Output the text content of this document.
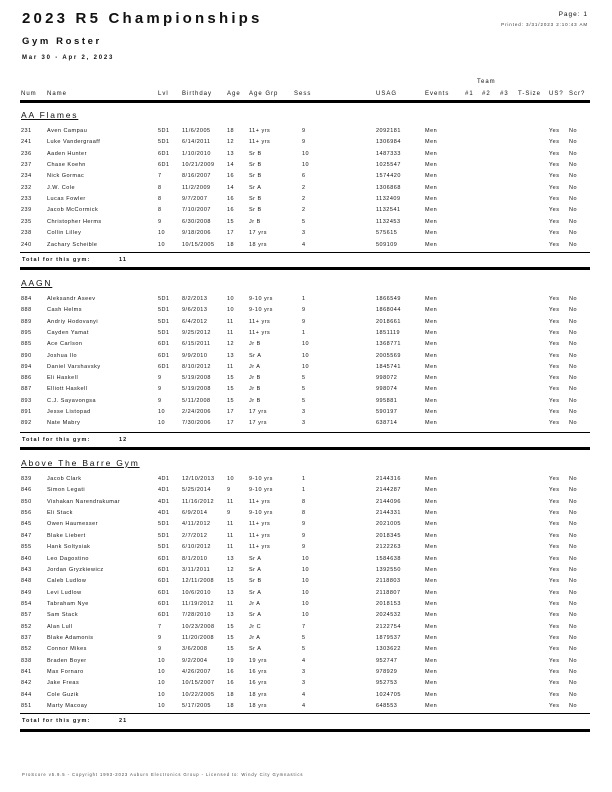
2023 R5 Championships
Gym Roster
Mar 30 - Apr 2, 2023
Page: 1
Printed: 3/31/2023 2:10:43 AM
Team
Num Name	Lvl Birthday Age Age Grp	Sess	USAG	Events	#1 #2 #3 T-Size US? Scr?
AA Flames
231	Aven Campau	5D1 11/6/2005	18	11+ yrs	9	2092181	Men	Yes No
241	Luke Vandergraaff	5D1 6/14/2011	12	11+ yrs	9	1306984	Men	Yes No
236	Aaden Hunter	6D1 1/10/2010	13	Sr B	10	1487333	Men	Yes No
237	Chase Koehn	6D1 10/21/2009 14	Sr B	10	1025547	Men	Yes No
234	Nick Gormac	7	8/16/2007	16	Sr B	6	1574420	Men	Yes No
232	J.W. Cole	8	11/2/2009	14	Sr A	2	1306868	Men	Yes No
233	Lucas Fowler	8	9/7/2007	16	Sr B	2	1132409	Men	Yes No
239	Jacob McCormick	8	7/10/2007	16	Sr B	2	1132541	Men	Yes No
235	Christopher Herms	9	6/30/2008	15	Jr B	5	1132453	Men	Yes No
238	Collin Lilley	10	9/18/2006	17	17 yrs	3	575615	Men	Yes No
240	Zachary Scheible	10	10/15/2005 18	18 yrs	4	509109	Men	Yes No
Total for this gym:	11
AAGN
884	Aleksandr Aseev	5D1 8/2/2013	10	9-10 yrs	1	1866549	Men	Yes No
888	Cash Helms	5D1 9/6/2013	10	9-10 yrs	9	1868044	Men	Yes No
889	Andriy Hodovanyi	5D1 6/4/2012	11	11+ yrs	9	2018661	Men	Yes No
895	Cayden Yamat	5D1 9/25/2012	11	11+ yrs	1	1851119	Men	Yes No
885	Ace Carlson	6D1 6/15/2011	12	Jr B	10	1368771	Men	Yes No
890	Joshua Ilo	6D1 9/9/2010	13	Sr A	10	2005569	Men	Yes No
894	Daniel Varshavsky	6D1 8/10/2012	11	Jr A	10	1845741	Men	Yes No
886	Eli Haskell	9	5/19/2008	15	Jr B	5	998072	Men	Yes No
887	Elliott Haskell	9	5/19/2008	15	Jr B	5	998074	Men	Yes No
893	C.J. Sayavongsa	9	5/11/2008	15	Jr B	5	995881	Men	Yes No
891	Jesse Listopad	10	2/24/2006	17	17 yrs	3	590197	Men	Yes No
892	Nate Mabry	10	7/30/2006	17	17 yrs	3	638714	Men	Yes No
Total for this gym:	12
Above The Barre Gym
839	Jacob Clark	4D1 12/10/2013 10	9-10 yrs	1	2144316	Men	Yes No
846	Simon Legati	4D1 5/25/2014	9	9-10 yrs	1	2144287	Men	Yes No
850	Vishakan Narendrakumar	4D1 11/16/2012 11	11+ yrs	8	2144096	Men	Yes No
856	Eli Stack	4D1 6/9/2014	9	9-10 yrs	8	2144331	Men	Yes No
845	Owen Haumesser	5D1 4/11/2012	11	11+ yrs	9	2021005	Men	Yes No
847	Blake Liebert	5D1 2/7/2012	11	11+ yrs	9	2018345	Men	Yes No
855	Hank Soltysiak	5D1 6/10/2012	11	11+ yrs	9	2122263	Men	Yes No
840	Leo Dagostino	6D1 8/1/2010	13	Sr A	10	1584638	Men	Yes No
843	Jordan Gryzkiewicz	6D1 3/11/2011	12	Sr A	10	1392550	Men	Yes No
848	Caleb Ludlow	6D1 12/11/2008 15	Sr B	10	2118803	Men	Yes No
849	Levi Ludlow	6D1 10/6/2010	13	Sr A	10	2118807	Men	Yes No
854	Tabraham Nye	6D1 11/19/2012 11	Jr A	10	2018153	Men	Yes No
857	Sam Stack	6D1 7/28/2010	13	Sr A	10	2024532	Men	Yes No
852	Alan Lull	7	10/23/2008 15	Jr C	7	2122754	Men	Yes No
837	Blake Adamonis	9	11/20/2008 15	Jr A	5	1879537	Men	Yes No
852	Connor Mikes	9	3/6/2008	15	Sr A	5	1303622	Men	Yes No
838	Braden Boyer	10	9/2/2004	19	19 yrs	4	952747	Men	Yes No
841	Max Fornaro	10	4/26/2007	16	16 yrs	3	978929	Men	Yes No
842	Jake Freas	10	10/15/2007 16	16 yrs	3	952753	Men	Yes No
844	Cole Guzik	10	10/22/2005 18	18 yrs	4	1024705	Men	Yes No
851	Marty Macoay	10	5/17/2005	18	18 yrs	4	648553	Men	Yes No
Total for this gym:	21
ProScore v5.9.5 - Copyright 1993-2023 Auburn Electronics Group - Licensed to: Windy City Gymnastics
